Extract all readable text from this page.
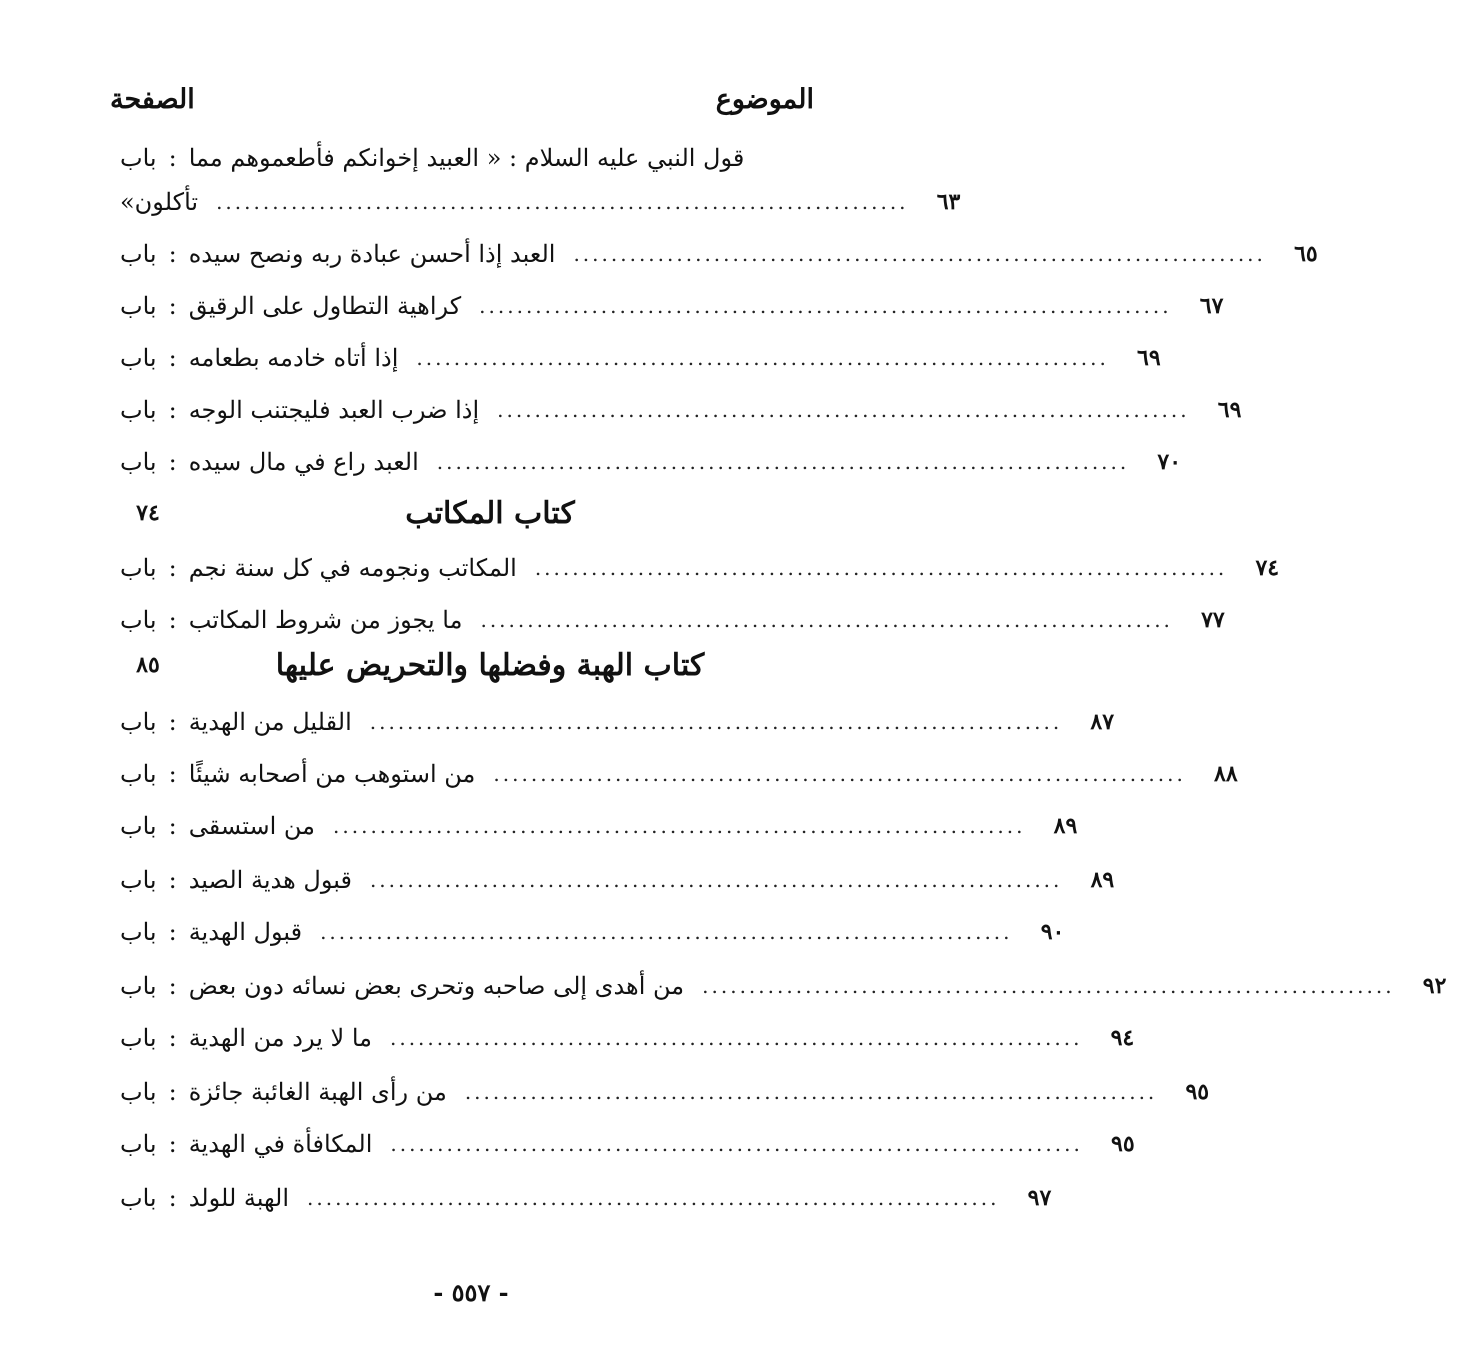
الموضوع
الصفحة
باب : قول النبي عليه السلام : « العبيد إخوانكم فأطعموهم مما
تأكلون» ..........................................................................	٦٣
باب : العبد إذا أحسن عبادة ربه ونصح سيده ..........................................................................	٦٥
باب : كراهية التطاول على الرقيق ..........................................................................	٦٧
باب : إذا أتاه خادمه بطعامه ..........................................................................	٦٩
باب : إذا ضرب العبد فليجتنب الوجه ..........................................................................	٦٩
باب : العبد راع في مال سيده ..........................................................................	٧٠
٧٤	كتاب المكاتب
باب : المكاتب ونجومه في كل سنة نجم ..........................................................................	٧٤
باب : ما يجوز من شروط المكاتب ..........................................................................	٧٧
٨٥	كتاب الهبة وفضلها والتحريض عليها
باب : القليل من الهدية ..........................................................................	٨٧
باب : من استوهب من أصحابه شيئًا ..........................................................................	٨٨
باب : من استسقى ..........................................................................	٨٩
باب : قبول هدية الصيد ..........................................................................	٨٩
باب : قبول الهدية ..........................................................................	٩٠
باب : من أهدى إلى صاحبه وتحرى بعض نسائه دون بعض ..........................................................................	٩٢
باب : ما لا يرد من الهدية ..........................................................................	٩٤
باب : من رأى الهبة الغائبة جائزة ..........................................................................	٩٥
باب : المكافأة في الهدية ..........................................................................	٩٥
باب : الهبة للولد ..........................................................................	٩٧
- ٥٥٧ -
